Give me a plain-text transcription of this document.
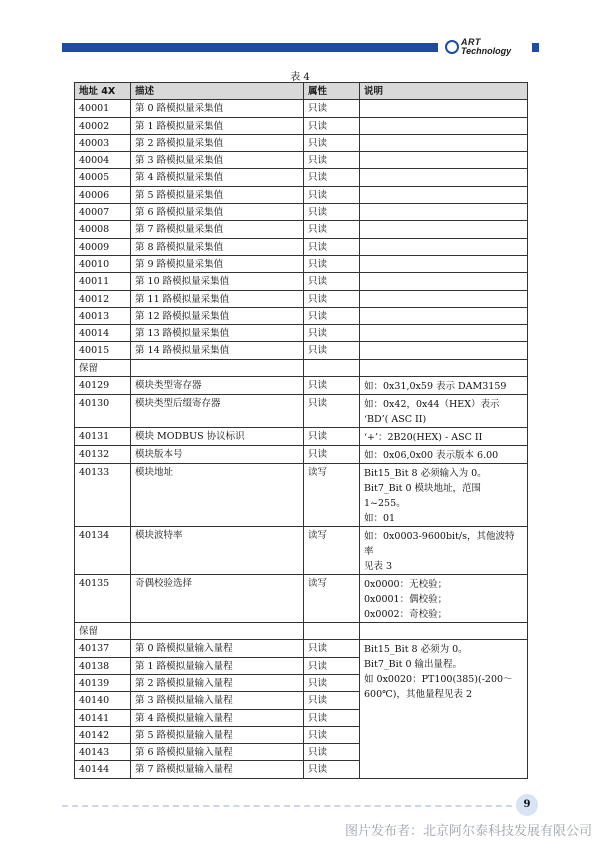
ART
Technology
表 4
地址 4X	描述	属性	说明
40001	第 0 路模拟量采集值	只读	
40002	第 1 路模拟量采集值	只读	
40003	第 2 路模拟量采集值	只读	
40004	第 3 路模拟量采集值	只读	
40005	第 4 路模拟量采集值	只读	
40006	第 5 路模拟量采集值	只读	
40007	第 6 路模拟量采集值	只读	
40008	第 7 路模拟量采集值	只读	
40009	第 8 路模拟量采集值	只读	
40010	第 9 路模拟量采集值	只读	
40011	第 10 路模拟量采集值	只读	
40012	第 11 路模拟量采集值	只读	
40013	第 12 路模拟量采集值	只读	
40014	第 13 路模拟量采集值	只读	
40015	第 14 路模拟量采集值	只读	
保留			
40129	模块类型寄存器	只读	如：0x31,0x59 表示 DAM3159

40130	模块类型后缀寄存器	只读	如：0x42，0x44（HEX）表示
‘BD’( ASC II)

40131	模块 MODBUS 协议标识	只读	‘+’：2B20(HEX) - ASC II

40132	模块版本号	只读	如：0x06,0x00 表示版本 6.00

40133	模块地址	读写	Bit15_Bit 8 必须输入为 0。
Bit7_Bit 0 模块地址，范围 1~255。
如：01

40134	模块波特率	读写	如：0x0003-9600bit/s，其他波特率
见表 3

40135	奇偶校验选择	读写	0x0000：无校验；
0x0001：偶校验；
0x0002：奇校验；

保留			
40137	第 0 路模拟量输入量程	只读	Bit15_Bit 8 必须为 0。
Bit7_Bit 0 输出量程。
如 0x0020：PT100(385)(-200～
600℃)，其他量程见表 2

40138	第 1 路模拟量输入量程	只读	
40139	第 2 路模拟量输入量程	只读	
40140	第 3 路模拟量输入量程	只读	
40141	第 4 路模拟量输入量程	只读	
40142	第 5 路模拟量输入量程	只读	
40143	第 6 路模拟量输入量程	只读	
40144	第 7 路模拟量输入量程	只读	
9
图片发布者：北京阿尔泰科技发展有限公司
